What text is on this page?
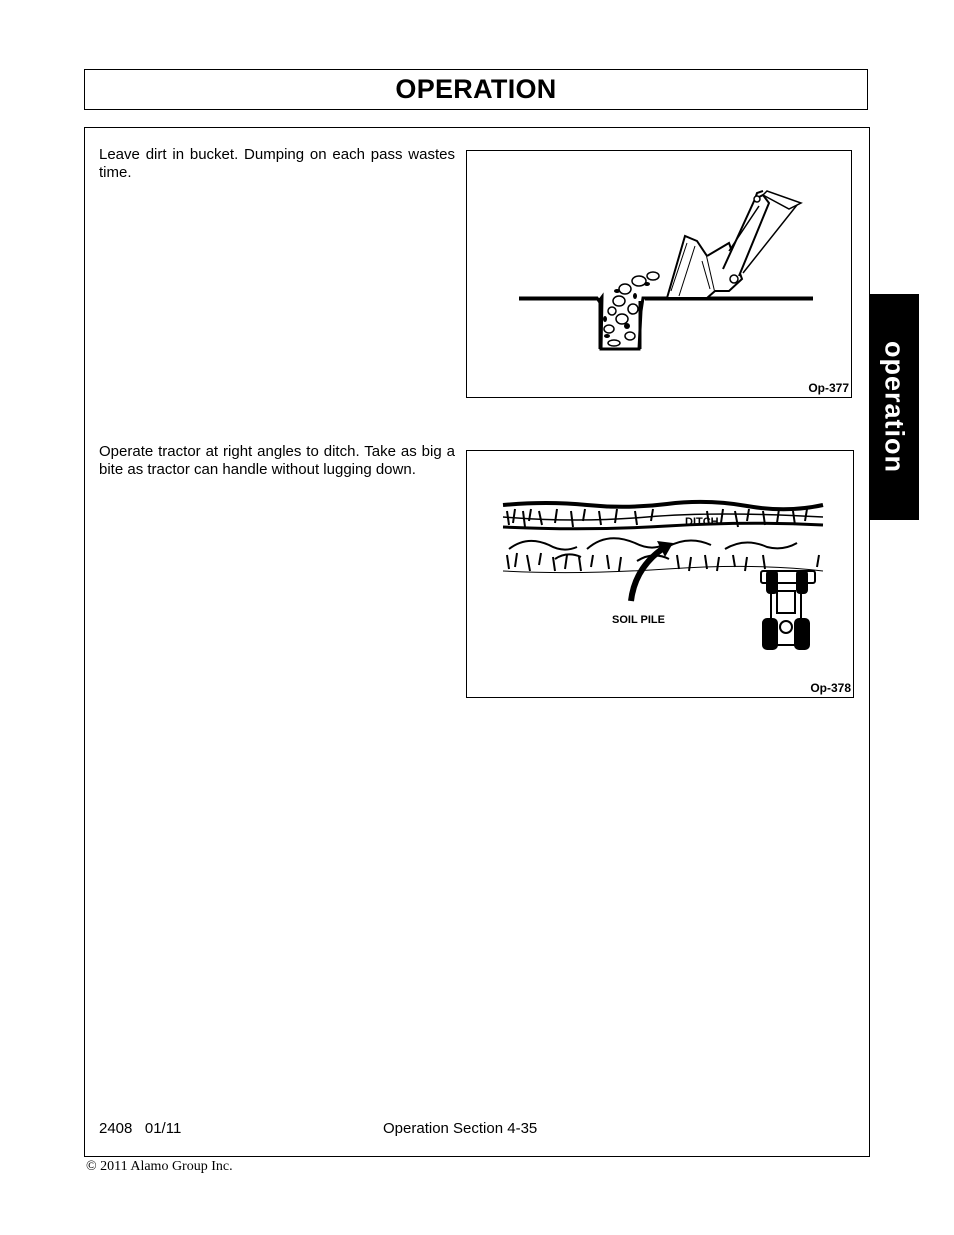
OPERATION
operation

Leave dirt in bucket. Dumping on each pass wastes time.

Op-377

Operate tractor at right angles to ditch. Take as big a bite as tractor can handle without lugging down.

DITCH
SOIL PILE
Op-378
2408   01/11	Operation Section 4-35
© 2011 Alamo Group Inc.
